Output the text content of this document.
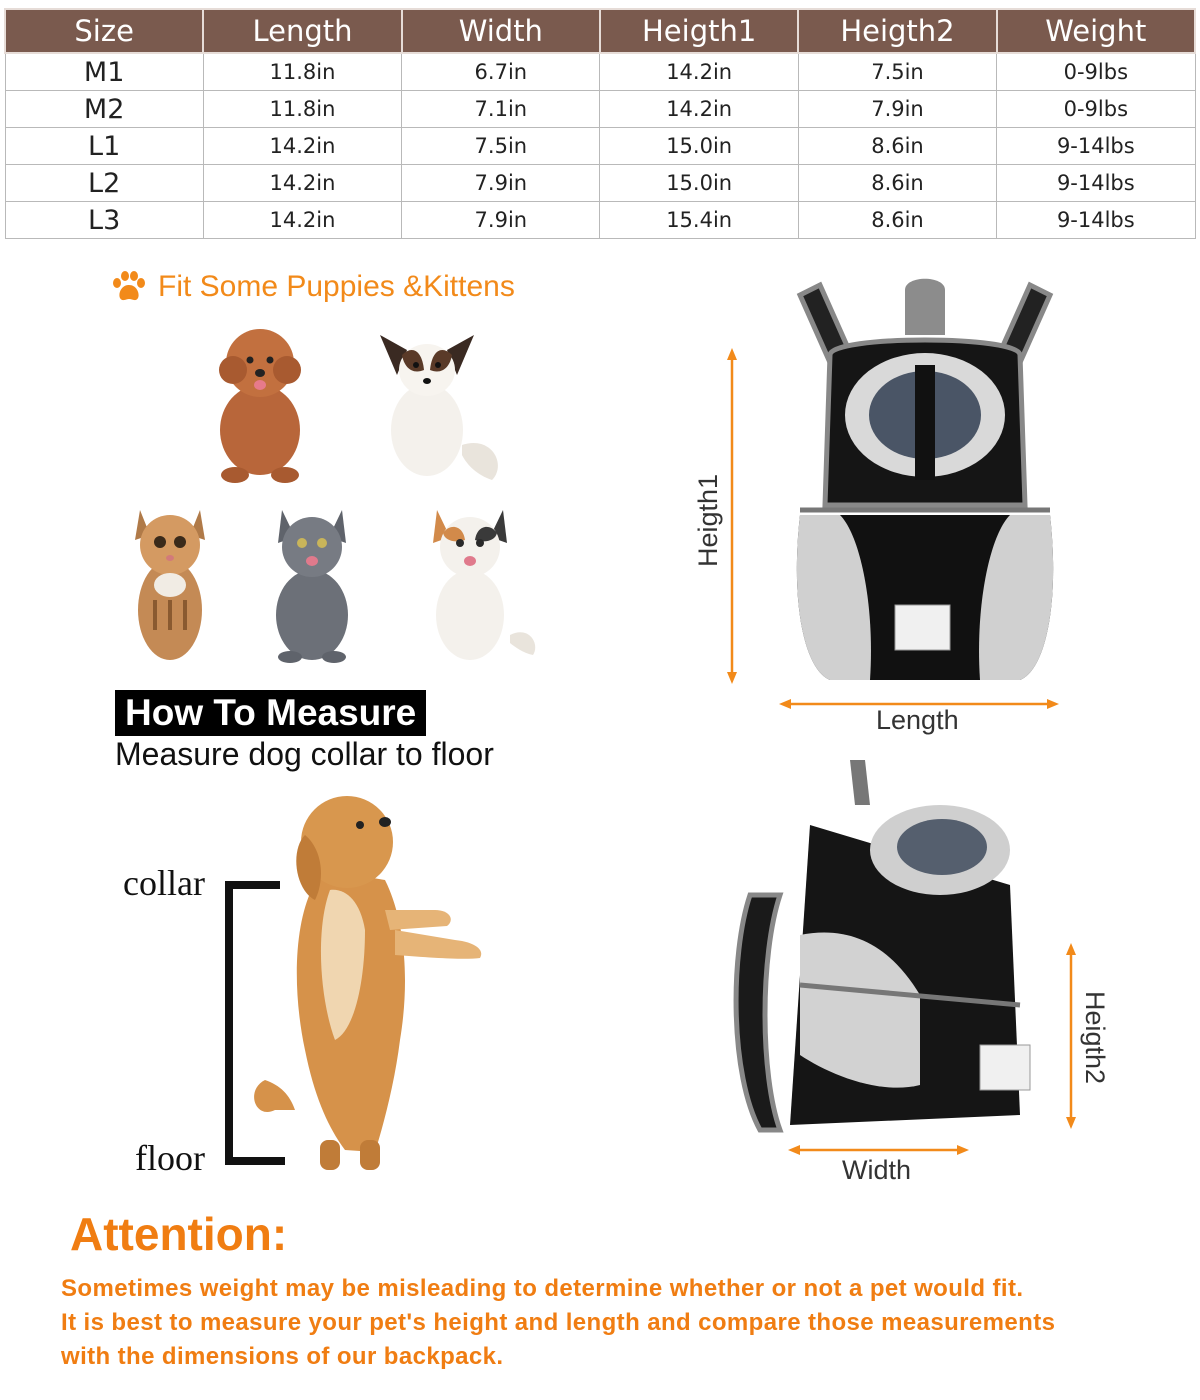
Size	Length	Width	Heigth1	Heigth2	Weight
M1	11.8in	6.7in	14.2in	7.5in	0-9lbs
M2	11.8in	7.1in	14.2in	7.9in	0-9lbs
L1	14.2in	7.5in	15.0in	8.6in	9-14lbs
L2	14.2in	7.9in	15.0in	8.6in	9-14lbs
L3	14.2in	7.9in	15.4in	8.6in	9-14lbs
Fit Some Puppies &Kittens
How To Measure
Measure dog collar to floor
collar
floor
Heigth1
Length
Heigth2
Width
Attention:
Sometimes weight may be misleading to determine whether or not a pet would fit.
It is best to measure your pet's height and length and compare those measurements
with the dimensions of our backpack.
